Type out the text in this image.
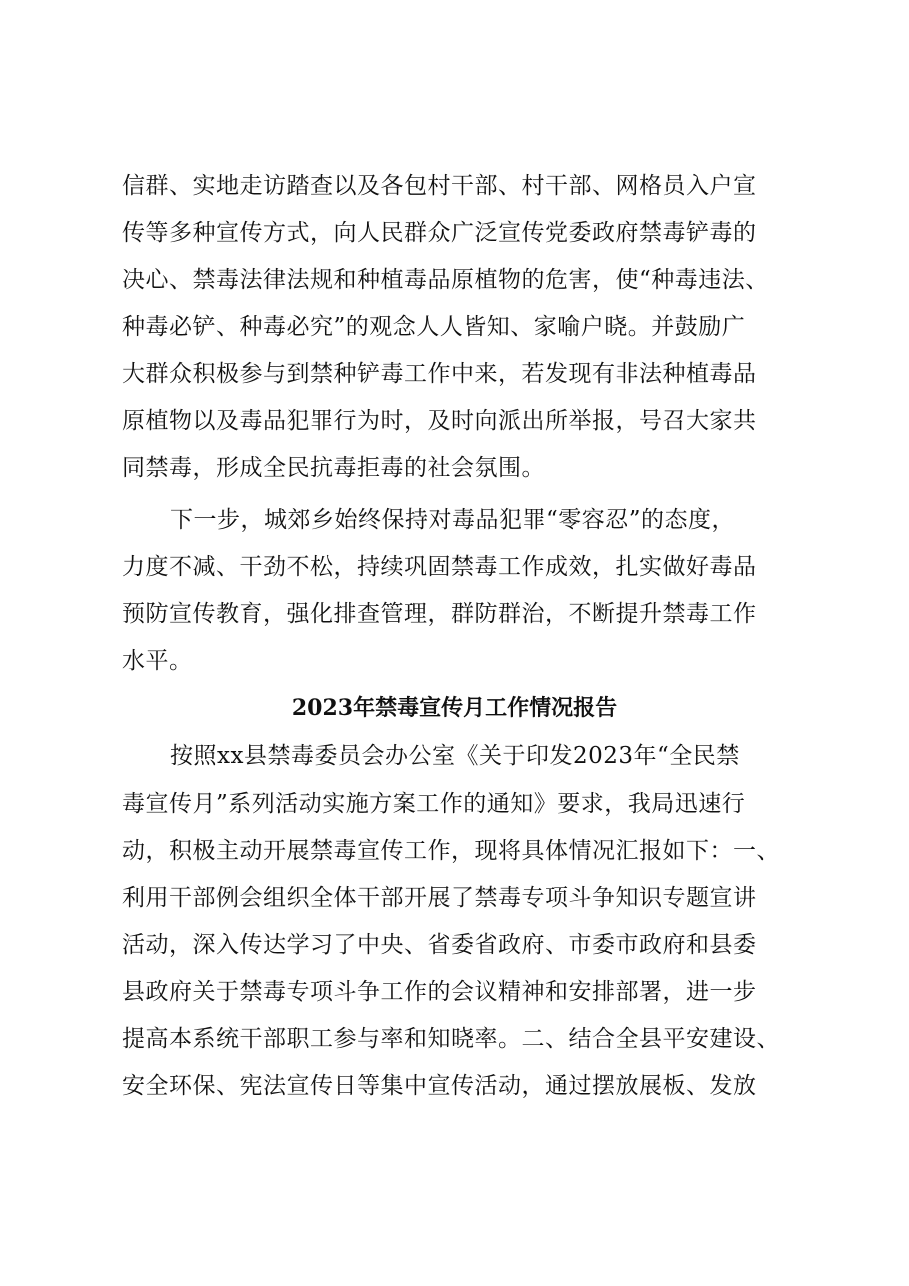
信群、实地走访踏查以及各包村干部、村干部、网格员入户宣
传等多种宣传方式，向人民群众广泛宣传党委政府禁毒铲毒的
决心、禁毒法律法规和种植毒品原植物的危害，使“种毒违法、
种毒必铲、种毒必究”的观念人人皆知、家喻户晓。并鼓励广
大群众积极参与到禁种铲毒工作中来，若发现有非法种植毒品
原植物以及毒品犯罪行为时，及时向派出所举报，号召大家共
同禁毒，形成全民抗毒拒毒的社会氛围。
下一步，城郊乡始终保持对毒品犯罪“零容忍”的态度，
力度不减、干劲不松，持续巩固禁毒工作成效，扎实做好毒品
预防宣传教育，强化排查管理，群防群治，不断提升禁毒工作
水平。
2023年禁毒宣传月工作情况报告
按照xx县禁毒委员会办公室《关于印发2023年“全民禁
毒宣传月”系列活动实施方案工作的通知》要求，我局迅速行
动，积极主动开展禁毒宣传工作，现将具体情况汇报如下：一、
利用干部例会组织全体干部开展了禁毒专项斗争知识专题宣讲
活动，深入传达学习了中央、省委省政府、市委市政府和县委
县政府关于禁毒专项斗争工作的会议精神和安排部署，进一步
提高本系统干部职工参与率和知晓率。二、结合全县平安建设、
安全环保、宪法宣传日等集中宣传活动，通过摆放展板、发放
